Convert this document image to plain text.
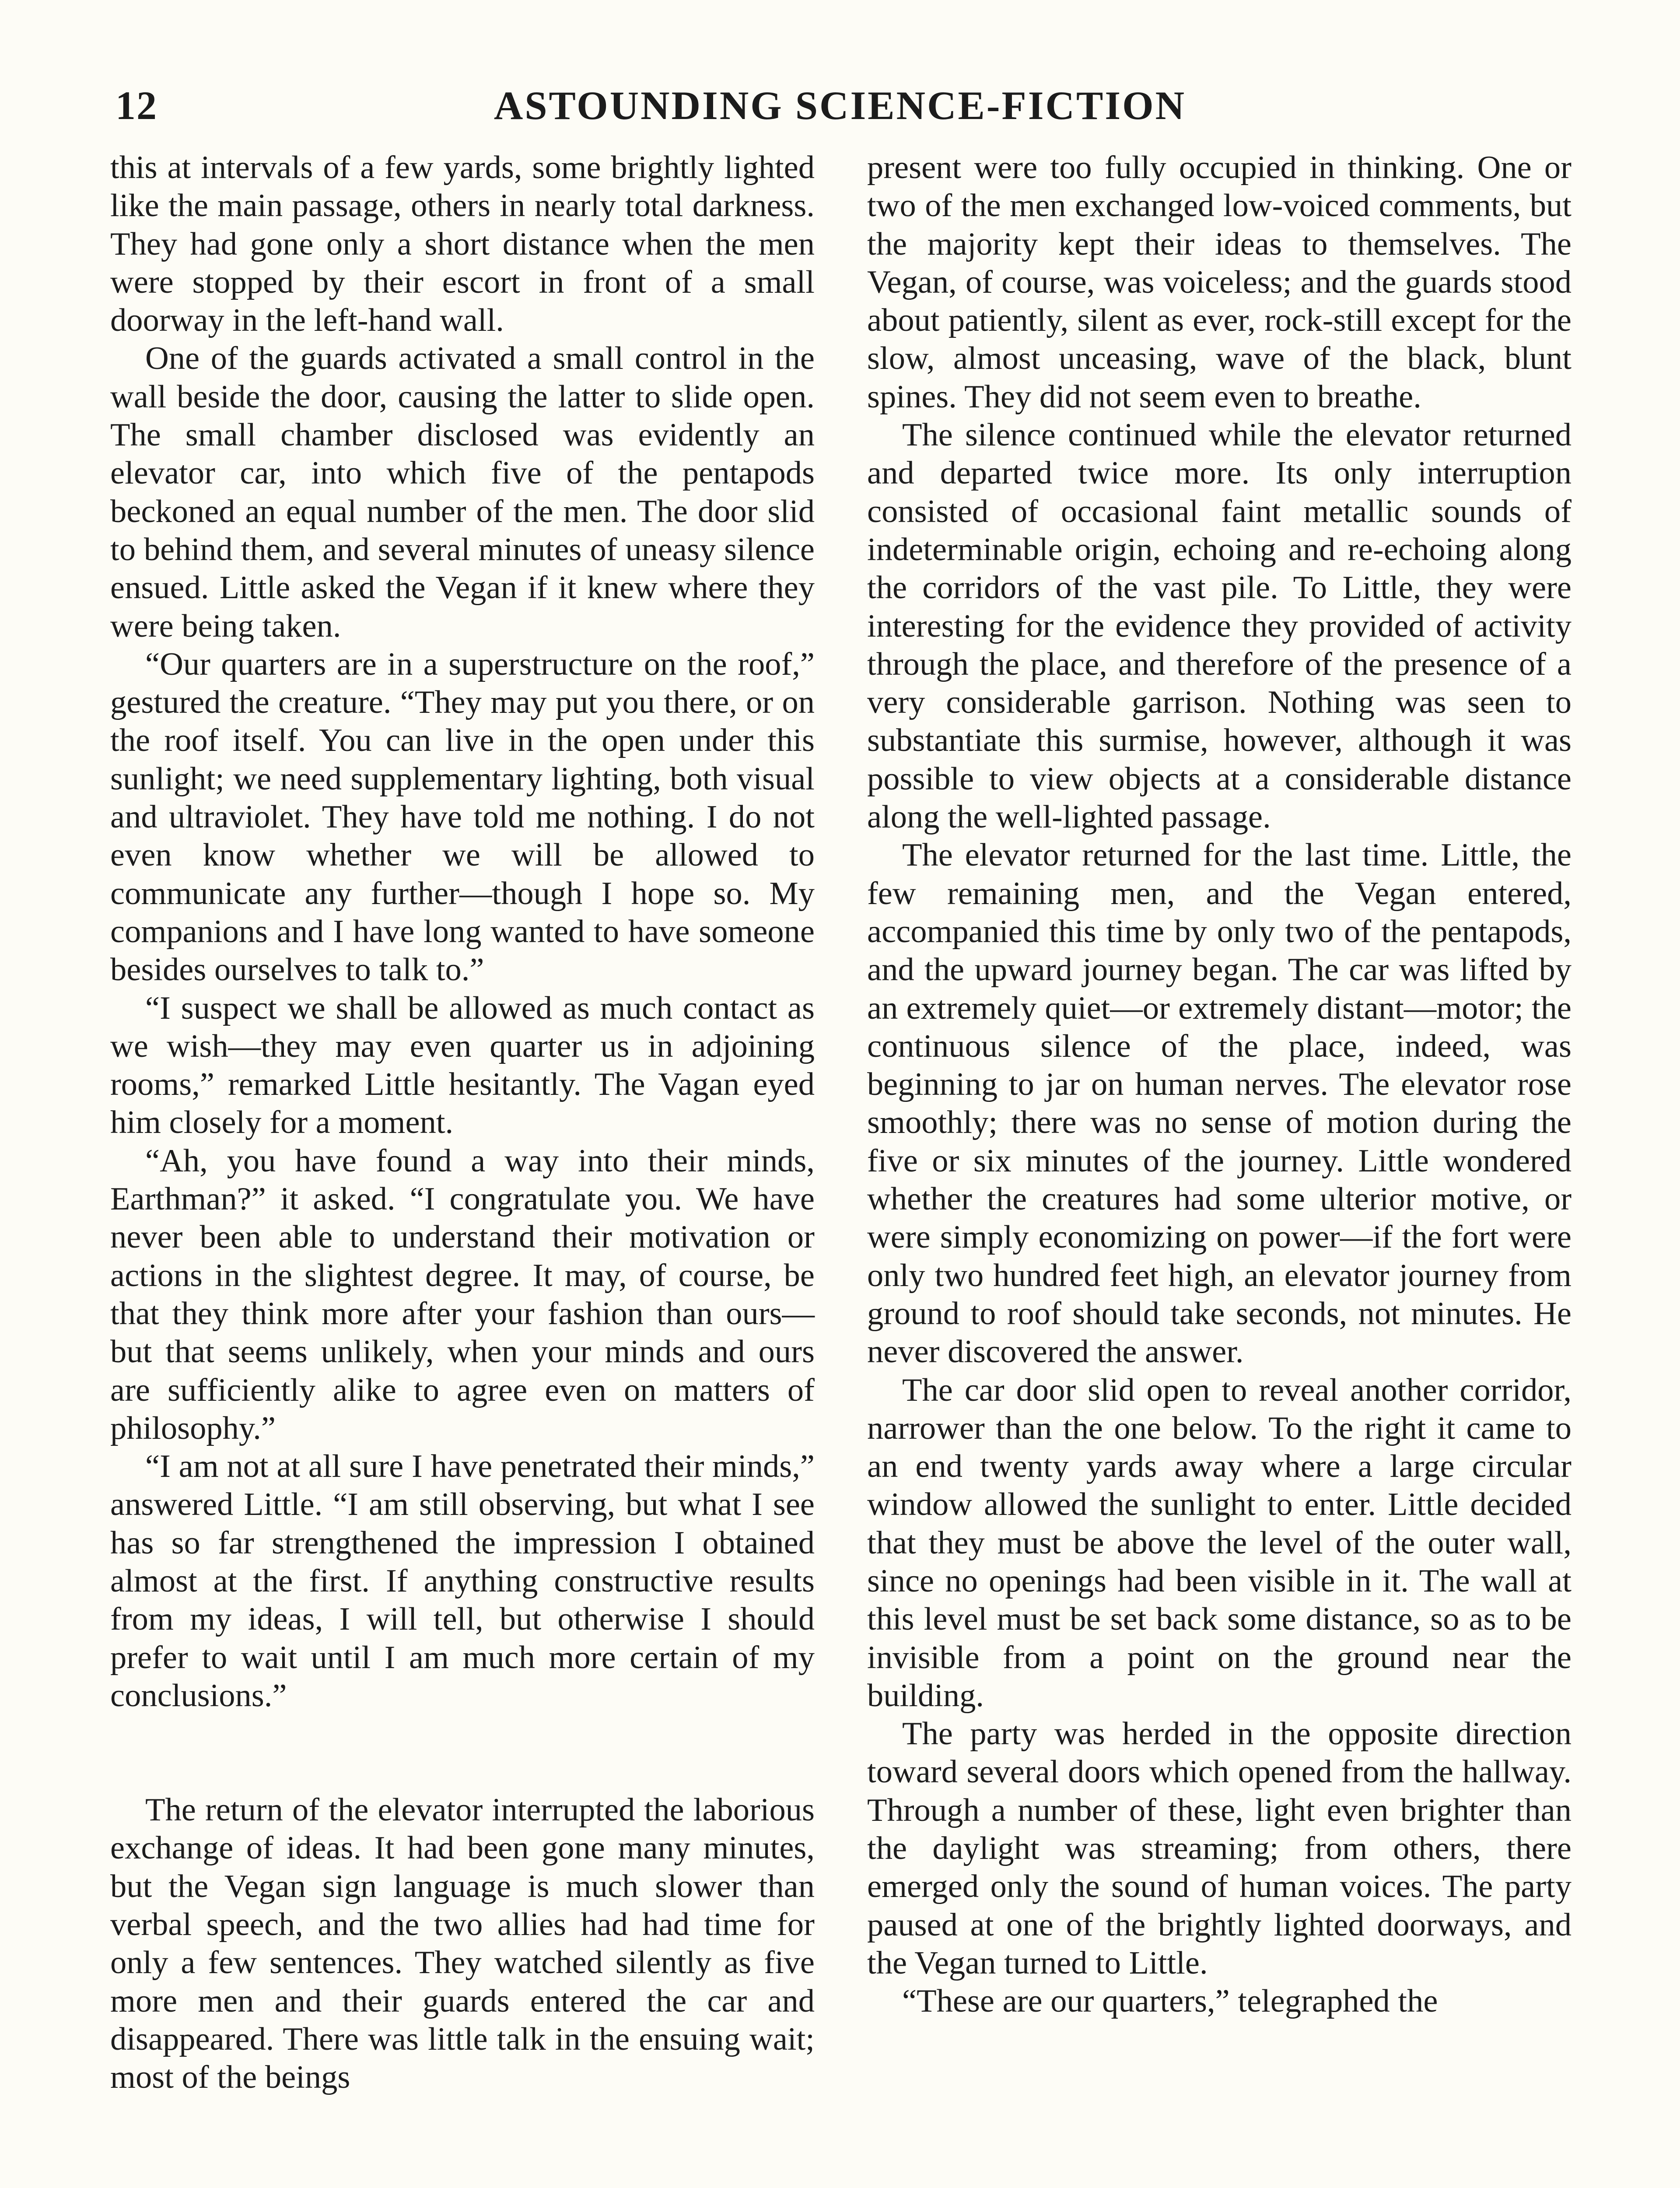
12	ASTOUNDING SCIENCE-FICTION

this at intervals of a few yards, some brightly lighted like the main passage, others in nearly total darkness. They had gone only a short distance when the men were stopped by their escort in front of a small doorway in the left-hand wall.

One of the guards activated a small control in the wall beside the door, causing the latter to slide open. The small chamber disclosed was evidently an elevator car, into which five of the pentapods beckoned an equal number of the men. The door slid to behind them, and several minutes of uneasy silence ensued. Little asked the Vegan if it knew where they were being taken.

“Our quarters are in a superstructure on the roof,” gestured the creature. “They may put you there, or on the roof itself. You can live in the open under this sunlight; we need supplementary lighting, both visual and ultraviolet. They have told me nothing. I do not even know whether we will be allowed to communicate any further—though I hope so. My companions and I have long wanted to have someone besides ourselves to talk to.”

“I suspect we shall be allowed as much contact as we wish—they may even quarter us in adjoining rooms,” remarked Little hesitantly. The Vagan eyed him closely for a moment.

“Ah, you have found a way into their minds, Earthman?” it asked. “I congratulate you. We have never been able to understand their motivation or actions in the slightest degree. It may, of course, be that they think more after your fashion than ours—but that seems unlikely, when your minds and ours are sufficiently alike to agree even on matters of philosophy.”

“I am not at all sure I have penetrated their minds,” answered Little. “I am still observing, but what I see has so far strengthened the impression I obtained almost at the first. If anything constructive results from my ideas, I will tell, but otherwise I should prefer to wait until I am much more certain of my conclusions.”

The return of the elevator interrupted the laborious exchange of ideas. It had been gone many minutes, but the Vegan sign language is much slower than verbal speech, and the two allies had had time for only a few sentences. They watched silently as five more men and their guards entered the car and disappeared. There was little talk in the ensuing wait; most of the beings

present were too fully occupied in thinking. One or two of the men exchanged low-voiced comments, but the majority kept their ideas to themselves. The Vegan, of course, was voiceless; and the guards stood about patiently, silent as ever, rock-still except for the slow, almost unceasing, wave of the black, blunt spines. They did not seem even to breathe.

The silence continued while the elevator returned and departed twice more. Its only interruption consisted of occasional faint metallic sounds of indeterminable origin, echoing and re-echoing along the corridors of the vast pile. To Little, they were interesting for the evidence they provided of activity through the place, and therefore of the presence of a very considerable garrison. Nothing was seen to substantiate this surmise, however, although it was possible to view objects at a considerable distance along the well-lighted passage.

The elevator returned for the last time. Little, the few remaining men, and the Vegan entered, accompanied this time by only two of the pentapods, and the upward journey began. The car was lifted by an extremely quiet—or extremely distant—motor; the continuous silence of the place, indeed, was beginning to jar on human nerves. The elevator rose smoothly; there was no sense of motion during the five or six minutes of the journey. Little wondered whether the creatures had some ulterior motive, or were simply economizing on power—if the fort were only two hundred feet high, an elevator journey from ground to roof should take seconds, not minutes. He never discovered the answer.

The car door slid open to reveal another corridor, narrower than the one below. To the right it came to an end twenty yards away where a large circular window allowed the sunlight to enter. Little decided that they must be above the level of the outer wall, since no openings had been visible in it. The wall at this level must be set back some distance, so as to be invisible from a point on the ground near the building.

The party was herded in the opposite direction toward several doors which opened from the hallway. Through a number of these, light even brighter than the daylight was streaming; from others, there emerged only the sound of human voices. The party paused at one of the brightly lighted doorways, and the Vegan turned to Little.

“These are our quarters,” telegraphed the
